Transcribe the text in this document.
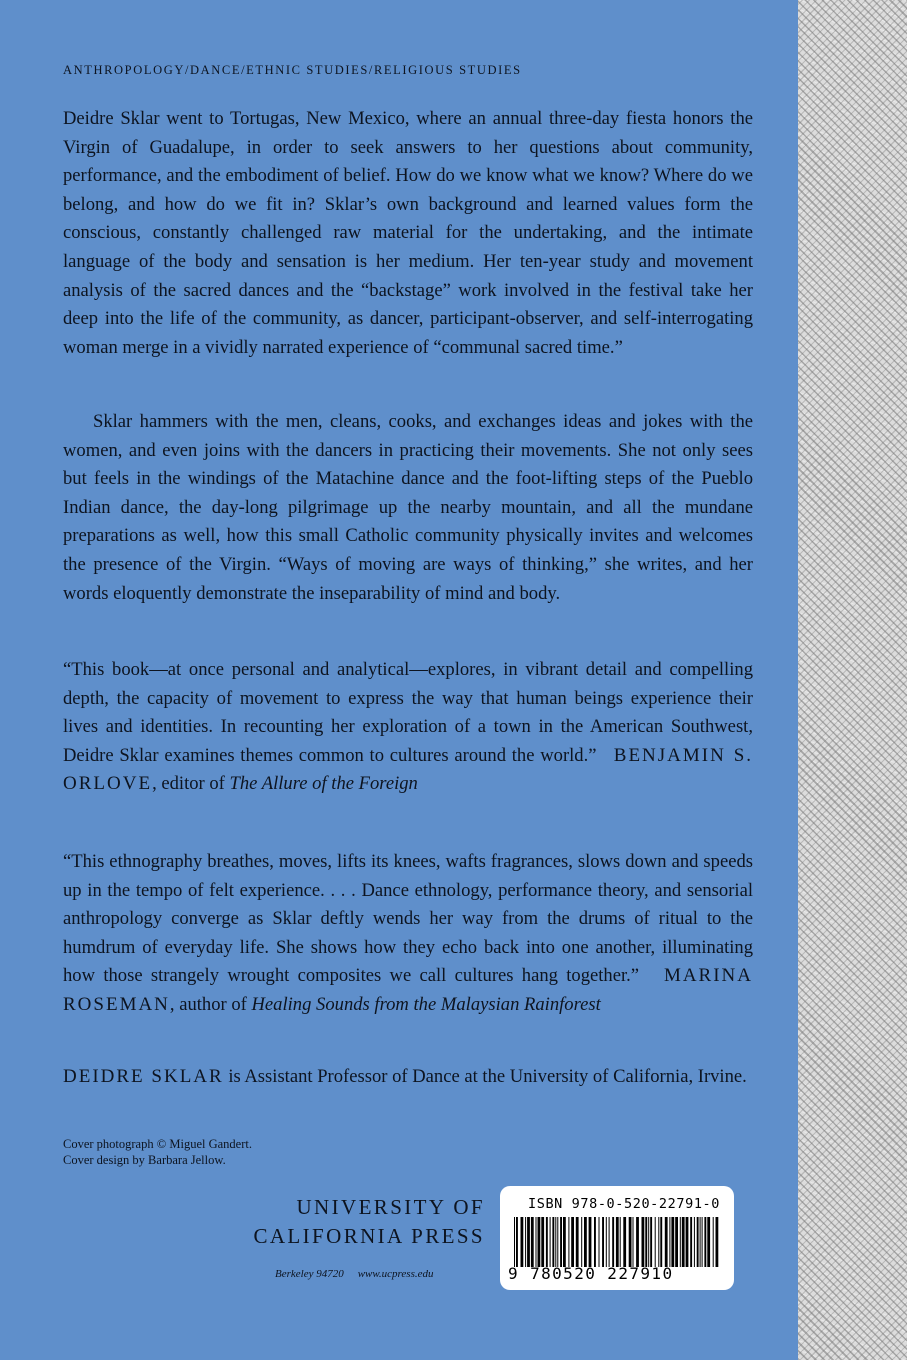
ANTHROPOLOGY/DANCE/ETHNIC STUDIES/RELIGIOUS STUDIES
Deidre Sklar went to Tortugas, New Mexico, where an annual three-day fiesta honors the Virgin of Guadalupe, in order to seek answers to her questions about community, performance, and the embodiment of belief. How do we know what we know? Where do we belong, and how do we fit in? Sklar’s own background and learned values form the conscious, constantly challenged raw material for the undertaking, and the intimate language of the body and sensation is her medium. Her ten-year study and movement analysis of the sacred dances and the “backstage” work involved in the festival take her deep into the life of the community, as dancer, participant-observer, and self-interrogating woman merge in a vividly narrated experience of “communal sacred time.”
Sklar hammers with the men, cleans, cooks, and exchanges ideas and jokes with the women, and even joins with the dancers in practicing their movements. She not only sees but feels in the windings of the Matachine dance and the foot-lifting steps of the Pueblo Indian dance, the day-long pilgrimage up the nearby mountain, and all the mundane preparations as well, how this small Catholic community physically invites and welcomes the presence of the Virgin. “Ways of moving are ways of thinking,” she writes, and her words eloquently demonstrate the inseparability of mind and body.
“This book—at once personal and analytical—explores, in vibrant detail and compelling depth, the capacity of movement to express the way that human beings experience their lives and identities. In recounting her exploration of a town in the American Southwest, Deidre Sklar examines themes common to cultures around the world.” BENJAMIN S. ORLOVE, editor of The Allure of the Foreign
“This ethnography breathes, moves, lifts its knees, wafts fragrances, slows down and speeds up in the tempo of felt experience. . . . Dance ethnology, performance theory, and sensorial anthropology converge as Sklar deftly wends her way from the drums of ritual to the humdrum of everyday life. She shows how they echo back into one another, illuminating how those strangely wrought composites we call cultures hang together.” MARINA ROSEMAN, author of Healing Sounds from the Malaysian Rainforest
DEIDRE SKLAR is Assistant Professor of Dance at the University of California, Irvine.
Cover photograph © Miguel Gandert.
Cover design by Barbara Jellow.
UNIVERSITY OF
CALIFORNIA PRESS
Berkeley 94720 www.ucpress.edu
ISBN 978-0-520-22791-0
9 780520 227910
